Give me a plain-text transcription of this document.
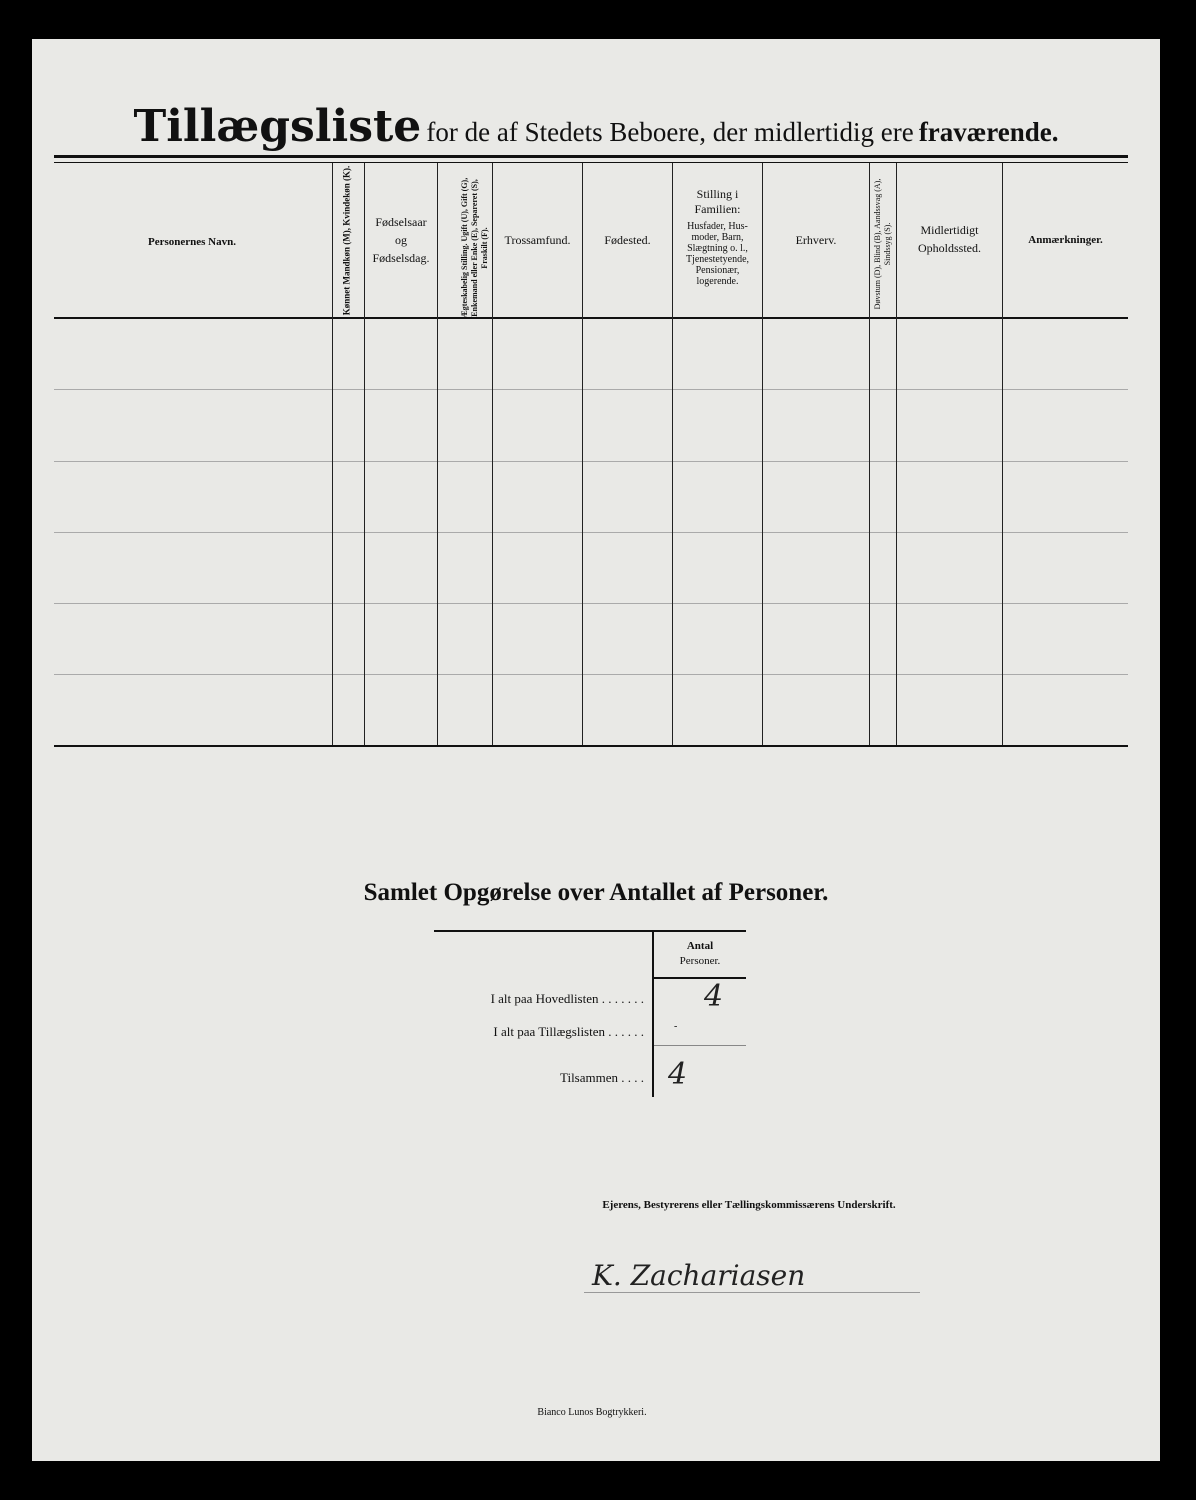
Tillægsliste for de af Stedets Beboere, der midlertidig ere fraværende.
Personernes Navn.	Kønnet Mandkøn (M), Kvindekøn (K).	Fødselsaar
og
Fødselsdag.	Ægteskabelig Stilling. Ugift (U), Gift (G), Enkemand eller Enke (E), Separeret (S), Fraskilt (F).	Trossamfund.	Fødested.
Stilling i
Familien:
Husfader, Hus-
moder, Barn,
Slægtning o. l.,
Tjenestetyende,
Pensionær,
logerende.
Erhverv.	Døvstum (D), Blind (B), Aandssvag (A), Sindssyg (S).	Midlertidigt
Opholdssted.
Anmærkninger.
Samlet Opgørelse over Antallet af Personer.
Antal
Personer.
I alt paa Hovedlisten . . . . . . . 4
I alt paa Tillægslisten . . . . . .	-
Tilsammen . . . . 4
Ejerens, Bestyrerens eller Tællingskommissærens Underskrift.
K. Zachariasen
Bianco Lunos Bogtrykkeri.
